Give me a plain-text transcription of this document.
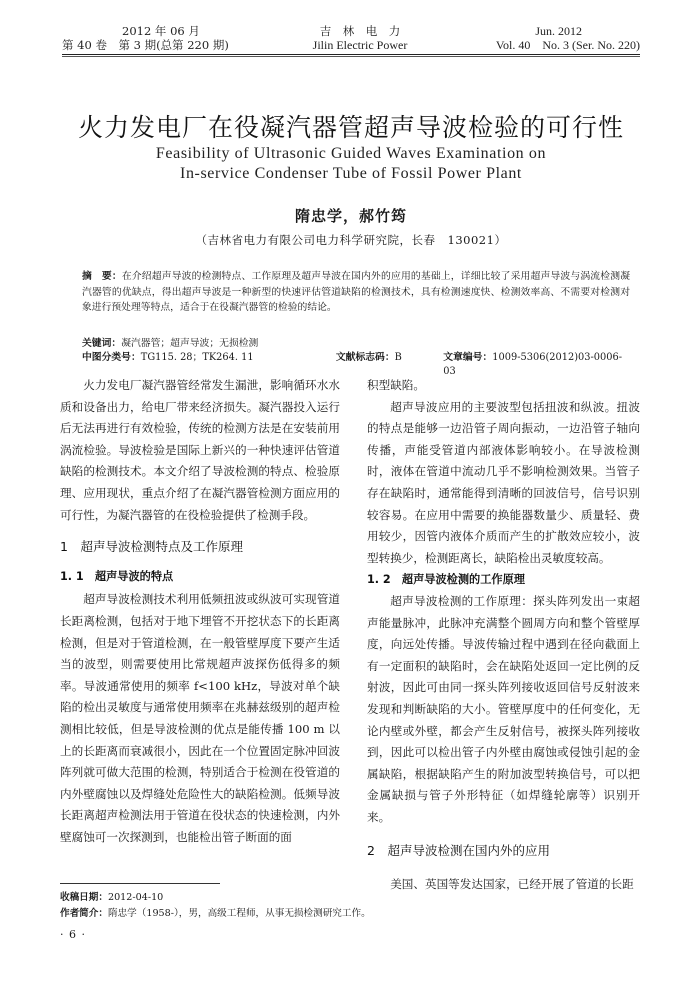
2012 年 06 月
第 40 卷　第 3 期(总第 220 期)
吉　林　电　力
Jilin Electric Power
Jun. 2012
Vol. 40　No. 3 (Ser. No. 220)
火力发电厂在役凝汽器管超声导波检验的可行性
Feasibility of Ultrasonic Guided Waves Examination on
In-service Condenser Tube of Fossil Power Plant
隋忠学，郝竹筠
（吉林省电力有限公司电力科学研究院，长春　130021）
摘　要：在介绍超声导波的检测特点、工作原理及超声导波在国内外的应用的基础上，详细比较了采用超声导波与涡流检测凝汽器管的优缺点，得出超声导波是一种新型的快速评估管道缺陷的检测技术，具有检测速度快、检测效率高、不需要对检测对象进行预处理等特点，适合于在役凝汽器管的检验的结论。
关键词：凝汽器管；超声导波；无损检测
中图分类号：TG115. 28；TK264. 11	文献标志码：B	文章编号：1009-5306(2012)03-0006-03

火力发电厂凝汽器管经常发生漏泄，影响循环水水质和设备出力，给电厂带来经济损失。凝汽器投入运行后无法再进行有效检验，传统的检测方法是在安装前用涡流检验。导波检验是国际上新兴的一种快速评估管道缺陷的检测技术。本文介绍了导波检测的特点、检验原理、应用现状，重点介绍了在凝汽器管检测方面应用的可行性，为凝汽器管的在役检验提供了检测手段。

1　超声导波检测特点及工作原理

1. 1　超声导波的特点

超声导波检测技术利用低频扭波或纵波可实现管道长距离检测，包括对于地下埋管不开挖状态下的长距离检测，但是对于管道检测，在一般管壁厚度下要产生适当的波型，则需要使用比常规超声波探伤低得多的频率。导波通常使用的频率 f<100 kHz，导波对单个缺陷的检出灵敏度与通常使用频率在兆赫兹级别的超声检测相比较低，但是导波检测的优点是能传播 100 m 以上的长距离而衰减很小，因此在一个位置固定脉冲回波阵列就可做大范围的检测，特别适合于检测在役管道的内外壁腐蚀以及焊缝处危险性大的缺陷检测。低频导波长距离超声检测法用于管道在役状态的快速检测，内外壁腐蚀可一次探测到，也能检出管子断面的面

积型缺陷。

超声导波应用的主要波型包括扭波和纵波。扭波的特点是能够一边沿管子周向振动，一边沿管子轴向传播，声能受管道内部液体影响较小。在导波检测时，液体在管道中流动几乎不影响检测效果。当管子存在缺陷时，通常能得到清晰的回波信号，信号识别较容易。在应用中需要的换能器数量少、质量轻、费用较少，因管内液体介质而产生的扩散效应较小，波型转换少，检测距离长，缺陷检出灵敏度较高。

1. 2　超声导波检测的工作原理

超声导波检测的工作原理：探头阵列发出一束超声能量脉冲，此脉冲充满整个圆周方向和整个管壁厚度，向远处传播。导波传输过程中遇到在径向截面上有一定面积的缺陷时，会在缺陷处返回一定比例的反射波，因此可由同一探头阵列接收返回信号反射波来发现和判断缺陷的大小。管壁厚度中的任何变化，无论内壁或外壁，都会产生反射信号，被探头阵列接收到，因此可以检出管子内外壁由腐蚀或侵蚀引起的金属缺陷，根据缺陷产生的附加波型转换信号，可以把金属缺损与管子外形特征（如焊缝轮廓等）识别开来。

2　超声导波检测在国内外的应用

美国、英国等发达国家，已经开展了管道的长距

收稿日期：2012-04-10
作者简介：隋忠学（1958-），男，高级工程师，从事无损检测研究工作。
· 6 ·
